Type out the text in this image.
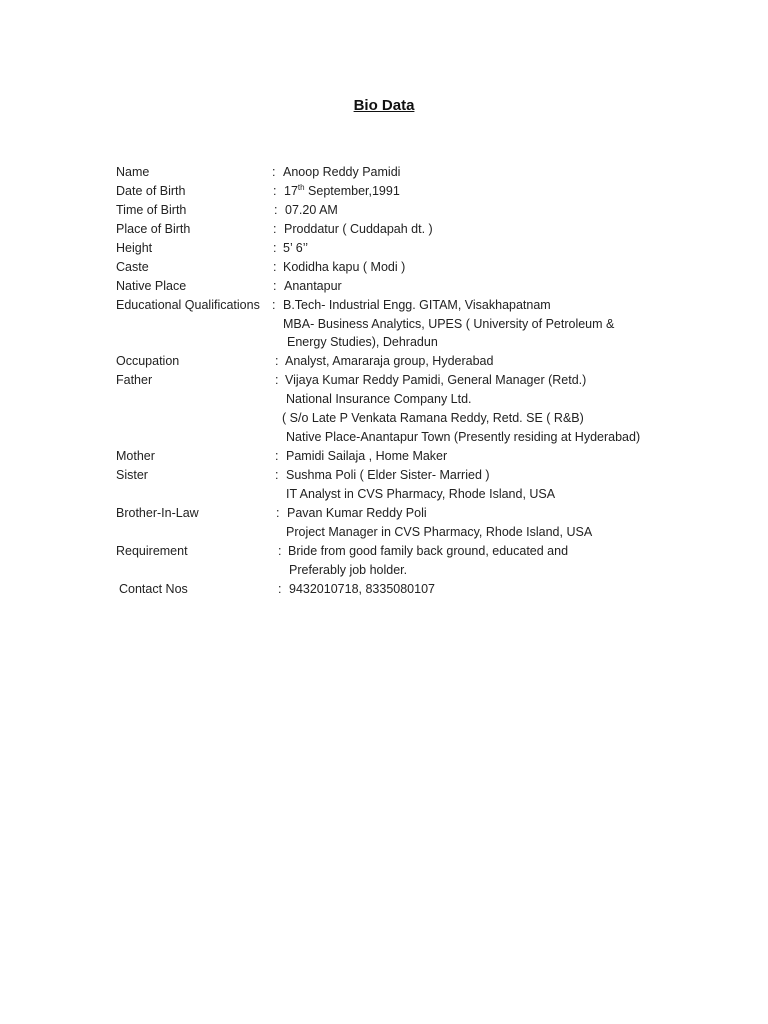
Bio Data
Name	: Anoop Reddy Pamidi
Date of Birth	: 17th September,1991
Time of Birth	: 07.20 AM
Place of Birth	: Proddatur ( Cuddapah dt. )
Height	: 5’ 6’’
Caste	: Kodidha kapu ( Modi )
Native Place	: Anantapur
Educational Qualifications : B.Tech- Industrial Engg. GITAM, Visakhapatnam
MBA- Business Analytics, UPES ( University of Petroleum &
Energy Studies), Dehradun
Occupation	: Analyst, Amararaja group, Hyderabad
Father	: Vijaya Kumar Reddy Pamidi, General Manager (Retd.)
National Insurance Company Ltd.
( S/o Late P Venkata Ramana Reddy, Retd. SE ( R&B)
Native Place-Anantapur Town (Presently residing at Hyderabad)
Mother	: Pamidi Sailaja , Home Maker
Sister	: Sushma Poli ( Elder Sister- Married )
IT Analyst in CVS Pharmacy, Rhode Island, USA
Brother-In-Law	: Pavan Kumar Reddy Poli
Project Manager in CVS Pharmacy, Rhode Island, USA
Requirement	: Bride from good family back ground, educated and
Preferably job holder.
Contact Nos	: 9432010718, 8335080107
